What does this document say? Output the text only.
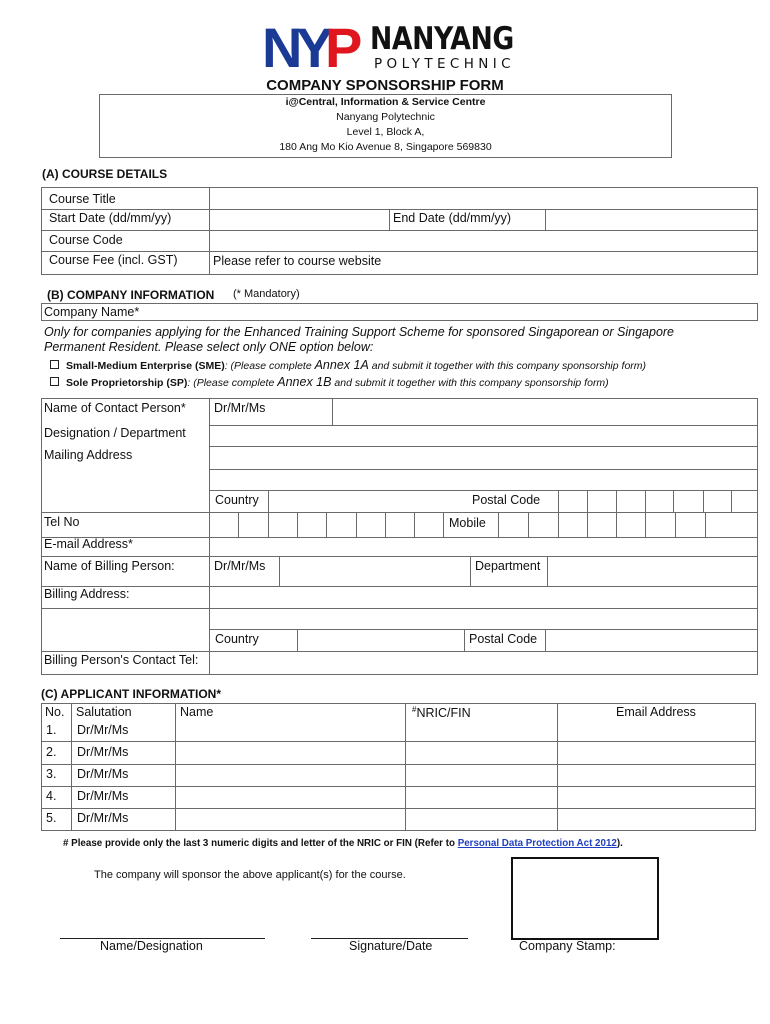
N
Y
P NANYANG
POLYTECHNIC
COMPANY SPONSORSHIP FORM
i@Central, Information & Service Centre
Nanyang Polytechnic
Level 1, Block A,
180 Ang Mo Kio Avenue 8, Singapore 569830
(A) COURSE DETAILS
Course Title
Start Date (dd/mm/yy)	End Date (dd/mm/yy)
Course Code
Course Fee (incl. GST)	Please refer to course website
(B) COMPANY INFORMATION (* Mandatory)
Company Name*
Only for companies applying for the Enhanced Training Support Scheme for sponsored Singaporean or Singapore
Permanent Resident. Please select only ONE option below:
Small-Medium Enterprise (SME): (Please complete Annex 1A and submit it together with this company sponsorship form)
Sole Proprietorship (SP): (Please complete Annex 1B and submit it together with this company sponsorship form)
Name of Contact Person* Dr/Mr/Ms
Designation / Department
Mailing Address
Country	Postal Code
Tel No	Mobile
E-mail Address*
Name of Billing Person:	Dr/Mr/Ms	Department
Billing Address:
Country	Postal Code
Billing Person's Contact Tel:
(C) APPLICANT INFORMATION*
No. Salutation	Name	#NRIC/FIN	Email Address
1. Dr/Mr/Ms
2. Dr/Mr/Ms
3. Dr/Mr/Ms
4. Dr/Mr/Ms
5. Dr/Mr/Ms
# Please provide only the last 3 numeric digits and letter of the NRIC or FIN (Refer to Personal Data Protection Act 2012).
The company will sponsor the above applicant(s) for the course.
Name/Designation	Signature/Date	Company Stamp:
